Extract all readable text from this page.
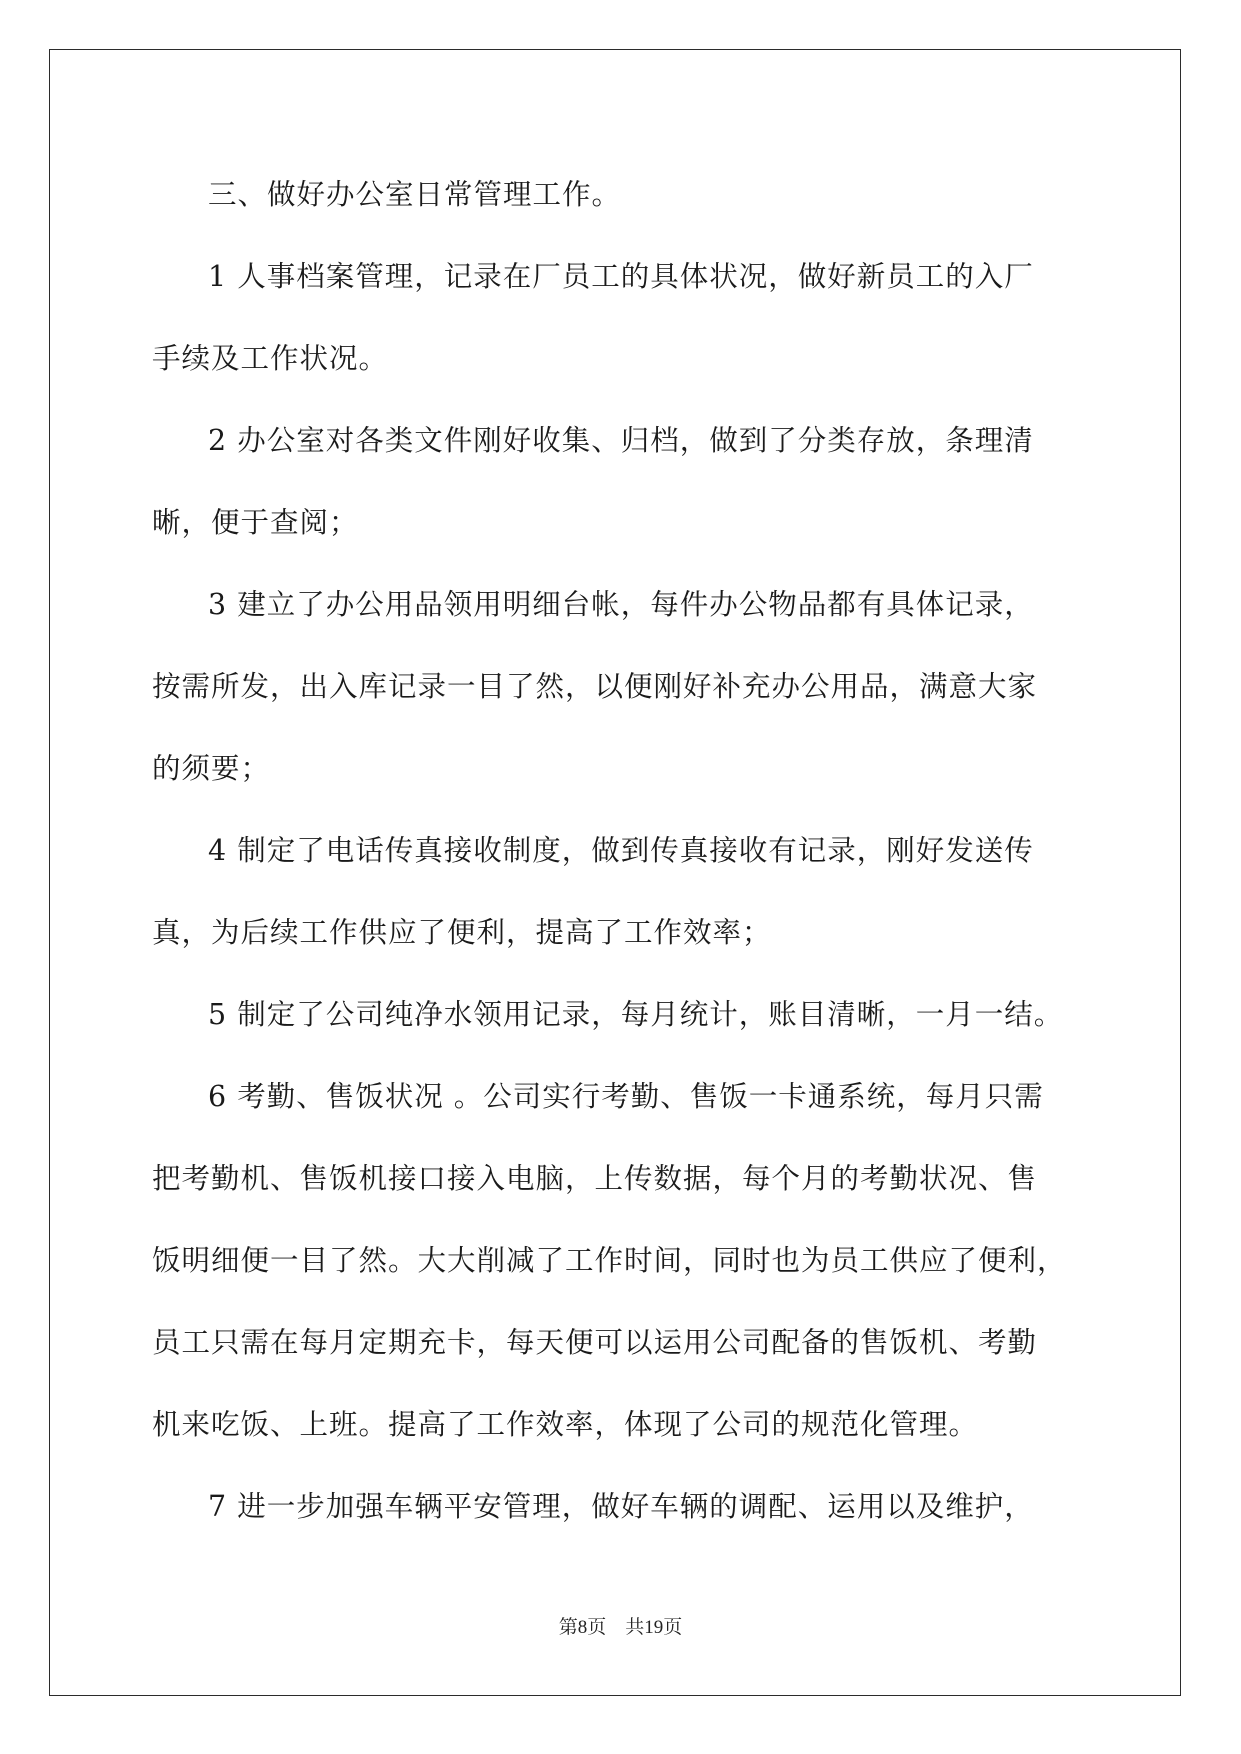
三、做好办公室日常管理工作。
1 人事档案管理，记录在厂员工的具体状况，做好新员工的入厂
手续及工作状况。
2 办公室对各类文件刚好收集、归档，做到了分类存放，条理清
晰，便于查阅；
3 建立了办公用品领用明细台帐，每件办公物品都有具体记录，
按需所发，出入库记录一目了然，以便刚好补充办公用品，满意大家
的须要；
4 制定了电话传真接收制度，做到传真接收有记录，刚好发送传
真，为后续工作供应了便利，提高了工作效率；
5 制定了公司纯净水领用记录，每月统计，账目清晰，一月一结。
6 考勤、售饭状况 。公司实行考勤、售饭一卡通系统，每月只需
把考勤机、售饭机接口接入电脑，上传数据，每个月的考勤状况、售
饭明细便一目了然。大大削减了工作时间，同时也为员工供应了便利，
员工只需在每月定期充卡，每天便可以运用公司配备的售饭机、考勤
机来吃饭、上班。提高了工作效率，体现了公司的规范化管理。
7 进一步加强车辆平安管理，做好车辆的调配、运用以及维护，
第8页　共19页
